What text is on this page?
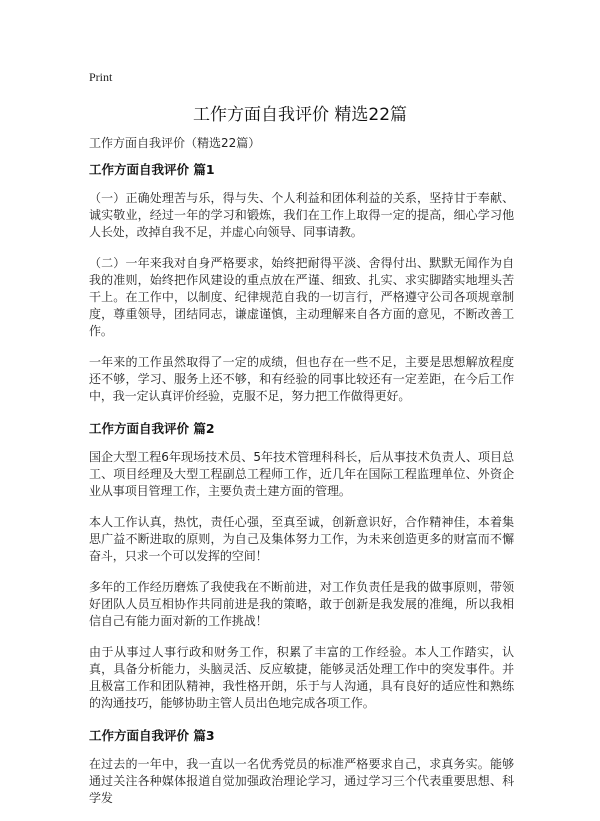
Print
工作方面自我评价 精选22篇

工作方面自我评价（精选22篇）

工作方面自我评价 篇1

（一）正确处理苦与乐，得与失、个人利益和团体利益的关系，坚持甘于奉献、诚实敬业，经过一年的学习和锻炼，我们在工作上取得一定的提高，细心学习他人长处，改掉自我不足，并虚心向领导、同事请教。

（二）一年来我对自身严格要求，始终把耐得平淡、舍得付出、默默无闻作为自我的准则，始终把作风建设的重点放在严谨、细致、扎实、求实脚踏实地埋头苦干上。在工作中，以制度、纪律规范自我的一切言行，严格遵守公司各项规章制度，尊重领导，团结同志，谦虚谨慎，主动理解来自各方面的意见，不断改善工作。

一年来的工作虽然取得了一定的成绩，但也存在一些不足，主要是思想解放程度还不够，学习、服务上还不够，和有经验的同事比较还有一定差距，在今后工作中，我一定认真评价经验，克服不足，努力把工作做得更好。

工作方面自我评价 篇2

国企大型工程6年现场技术员、5年技术管理科科长，后从事技术负责人、项目总工、项目经理及大型工程副总工程师工作，近几年在国际工程监理单位、外资企业从事项目管理工作，主要负责土建方面的管理。

本人工作认真，热忱，责任心强，至真至诚，创新意识好，合作精神佳，本着集思广益不断进取的原则，为自己及集体努力工作，为未来创造更多的财富而不懈奋斗，只求一个可以发挥的空间！

多年的工作经历磨炼了我使我在不断前进，对工作负责任是我的做事原则，带领好团队人员互相协作共同前进是我的策略，敢于创新是我发展的准绳，所以我相信自己有能力面对新的工作挑战！

由于从事过人事行政和财务工作，积累了丰富的工作经验。本人工作踏实，认真，具备分析能力，头脑灵活、反应敏捷，能够灵活处理工作中的突发事件。并且极富工作和团队精神，我性格开朗，乐于与人沟通，具有良好的适应性和熟练的沟通技巧，能够协助主管人员出色地完成各项工作。

工作方面自我评价 篇3

在过去的一年中，我一直以一名优秀党员的标准严格要求自己，求真务实。能够通过关注各种媒体报道自觉加强政治理论学习，通过学习三个代表重要思想、科学发
